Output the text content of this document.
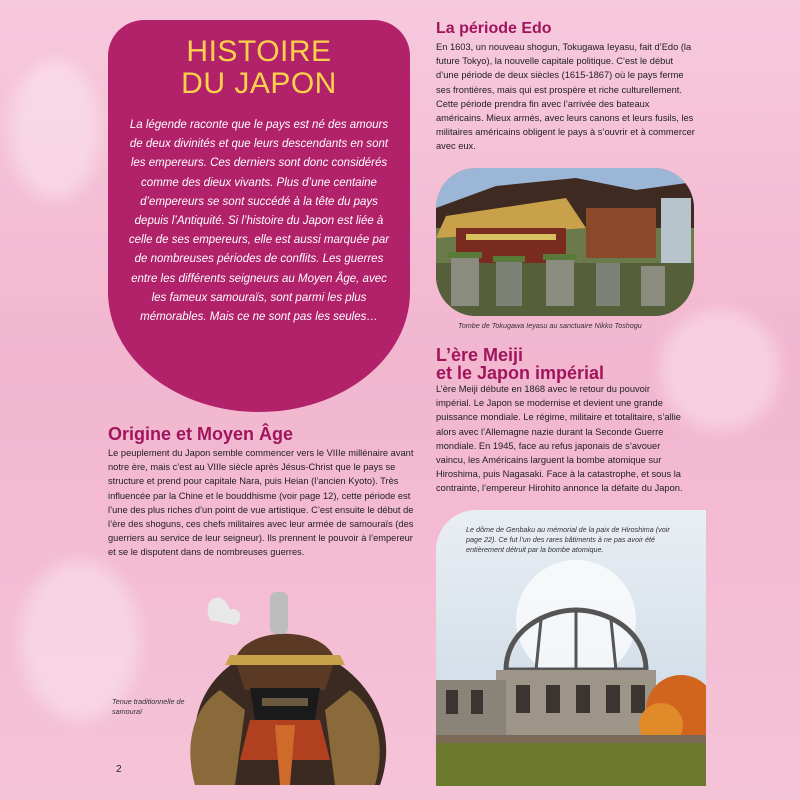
HISTOIRE
DU JAPON

La légende raconte que le pays est né des amours de deux divinités et que leurs descendants en sont les empereurs. Ces derniers sont donc considérés comme des dieux vivants. Plus d’une centaine d’empereurs se sont succédé à la tête du pays depuis l’Antiquité. Si l’histoire du Japon est liée à celle de ses empereurs, elle est aussi marquée par de nombreuses périodes de conflits. Les guerres entre les différents seigneurs au Moyen Âge, avec les fameux samouraïs, sont parmi les plus mémorables. Mais ce ne sont pas les seules…

Origine et Moyen Âge

Le peuplement du Japon semble commencer vers le VIIIe millénaire avant notre ère, mais c’est au VIIIe siècle après Jésus-Christ que le pays se structure et prend pour capitale Nara, puis Heian (l’ancien Kyoto). Très influencée par la Chine et le bouddhisme (voir page 12), cette période est l’une des plus riches d’un point de vue artistique. C’est ensuite le début de l’ère des shoguns, ces chefs militaires avec leur armée de samouraïs (des guerriers au service de leur seigneur). Ils prennent le pouvoir à l’empereur et se le disputent dans de nombreuses guerres.

Tenue traditionnelle de samouraï

2
La période Edo

En 1603, un nouveau shogun, Tokugawa Ieyasu, fait d’Edo (la future Tokyo), la nouvelle capitale politique. C’est le début d’une période de deux siècles (1615-1867) où le pays ferme ses frontières, mais qui est prospère et riche culturellement. Cette période prendra fin avec l’arrivée des bateaux américains. Mieux armés, avec leurs canons et leurs fusils, les militaires américains obligent le pays à s’ouvrir et à commercer avec eux.

Tombe de Tokugawa Ieyasu au sanctuaire Nikko Toshogu

L’ère Meiji
et le Japon impérial

L’ère Meiji débute en 1868 avec le retour du pouvoir impérial. Le Japon se modernise et devient une grande puissance mondiale. Le régime, militaire et totalitaire, s’allie alors avec l’Allemagne nazie durant la Seconde Guerre mondiale. En 1945, face au refus japonais de s’avouer vaincu, les Américains larguent la bombe atomique sur Hiroshima, puis Nagasaki. Face à la catastrophe, et sous la contrainte, l’empereur Hirohito annonce la défaite du Japon.

Le dôme de Genbaku au mémorial de la paix de Hiroshima (voir page 22). Ce fut l’un des rares bâtiments à ne pas avoir été entièrement détruit par la bombe atomique.
